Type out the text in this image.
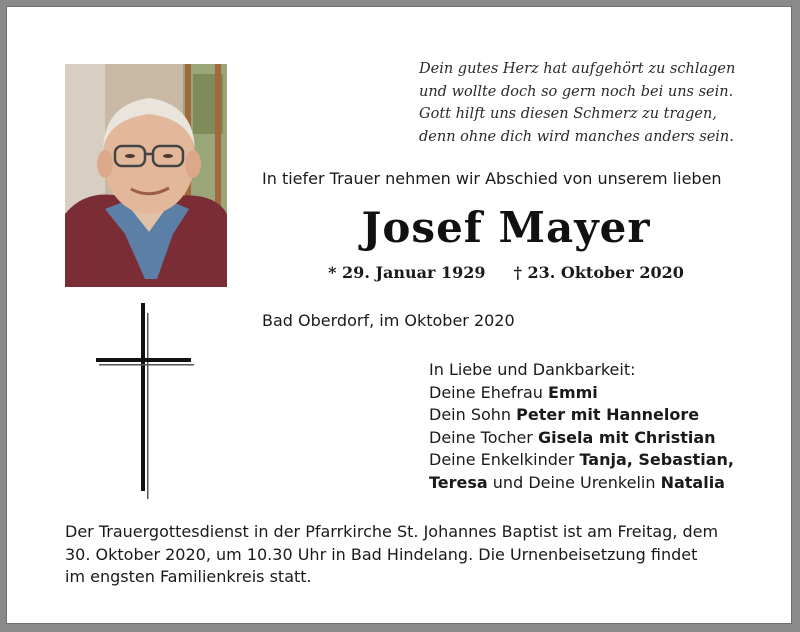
Dein gutes Herz hat aufgehört zu schlagen
und wollte doch so gern noch bei uns sein.
Gott hilft uns diesen Schmerz zu tragen,
denn ohne dich wird manches anders sein.
In tiefer Trauer nehmen wir Abschied von unserem lieben
Josef Mayer
* 29. Januar 1929 † 23. Oktober 2020
Bad Oberdorf, im Oktober 2020
In Liebe und Dankbarkeit:
Deine Ehefrau Emmi
Dein Sohn Peter mit Hannelore
Deine Tocher Gisela mit Christian
Deine Enkelkinder Tanja, Sebastian,
Teresa und Deine Urenkelin Natalia
Der Trauergottesdienst in der Pfarrkirche St. Johannes Baptist ist am Freitag, dem
30. Oktober 2020, um 10.30 Uhr in Bad Hindelang. Die Urnenbeisetzung findet
im engsten Familienkreis statt.
